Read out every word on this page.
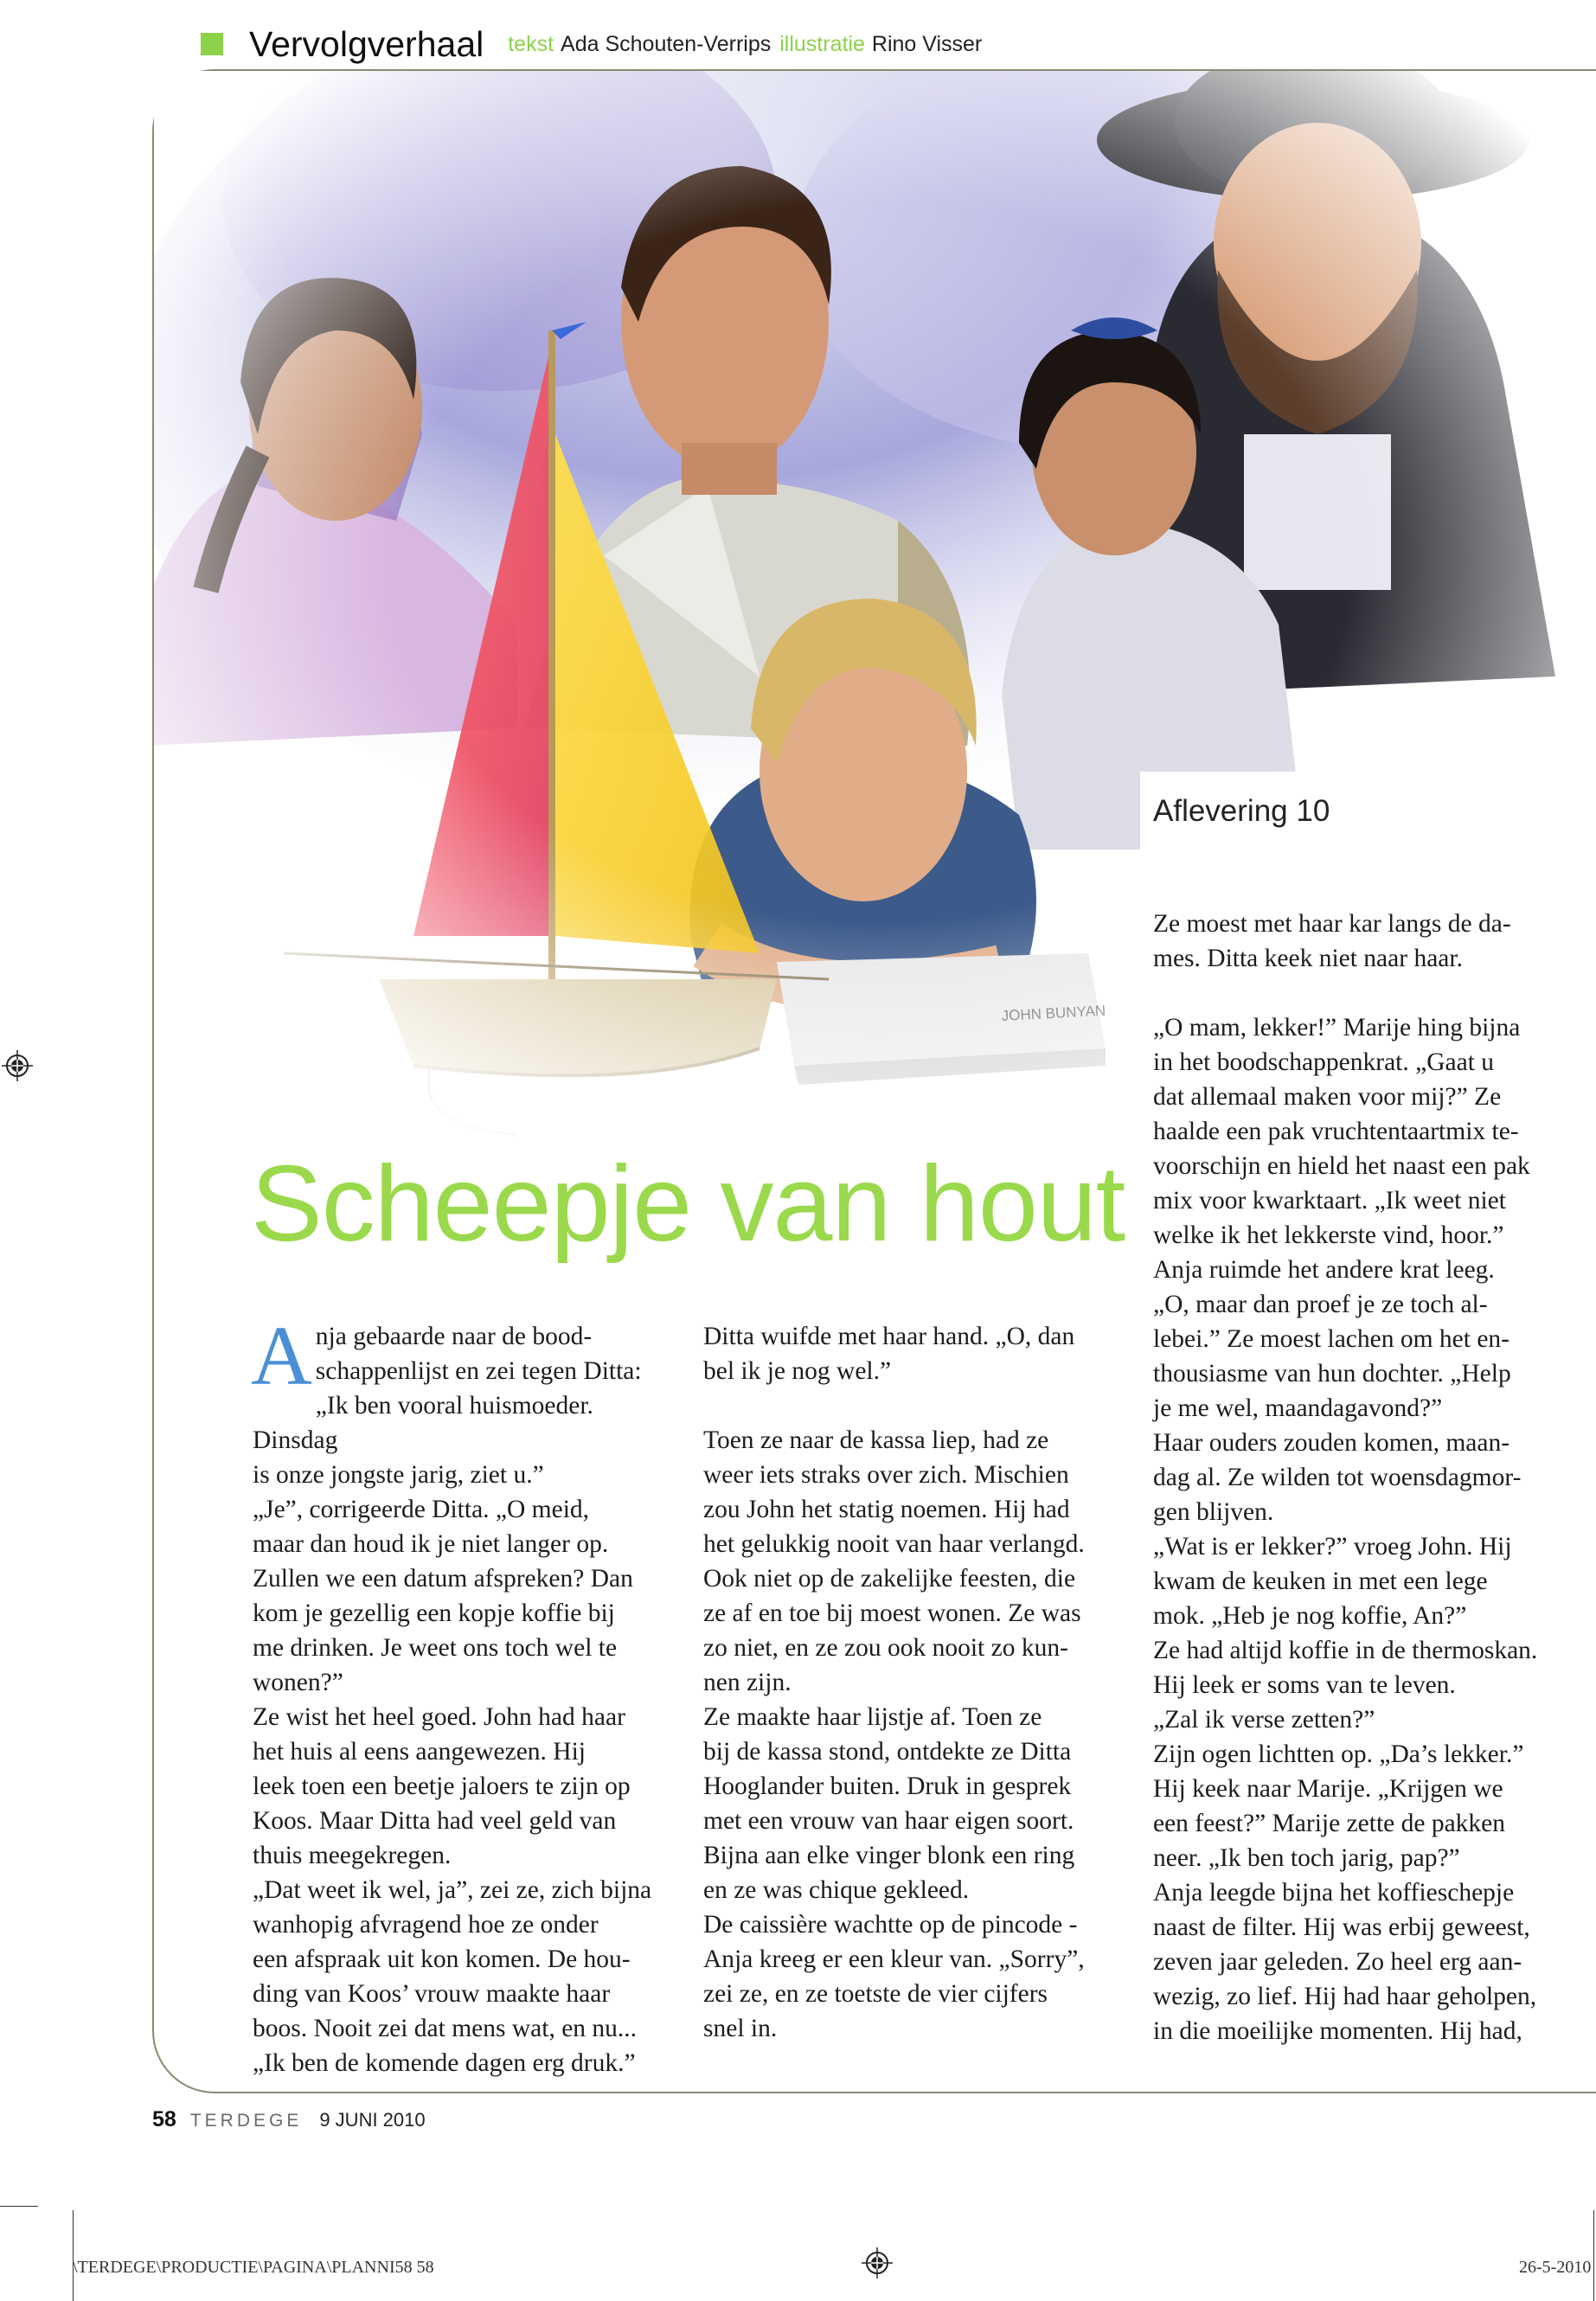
Vervolgverhaal tekst Ada Schouten-Verrips illustratie Rino Visser
Aflevering 10
Scheepje van hout
A nja gebaarde naar de bood-

schappenlijst en zei tegen Ditta:

„Ik ben vooral huismoeder. Dinsdag

is onze jongste jarig, ziet u.”

„Je”, corrigeerde Ditta. „O meid,

maar dan houd ik je niet langer op.

Zullen we een datum afspreken? Dan

kom je gezellig een kopje koffie bij

me drinken. Je weet ons toch wel te

wonen?”

Ze wist het heel goed. John had haar

het huis al eens aangewezen. Hij

leek toen een beetje jaloers te zijn op

Koos. Maar Ditta had veel geld van

thuis meegekregen.

„Dat weet ik wel, ja”, zei ze, zich bijna

wanhopig afvragend hoe ze onder

een afspraak uit kon komen. De hou-

ding van Koos’ vrouw maakte haar

boos. Nooit zei dat mens wat, en nu...

„Ik ben de komende dagen erg druk.”

Ditta wuifde met haar hand. „O, dan

bel ik je nog wel.”

Toen ze naar de kassa liep, had ze

weer iets straks over zich. Mischien

zou John het statig noemen. Hij had

het gelukkig nooit van haar verlangd.

Ook niet op de zakelijke feesten, die

ze af en toe bij moest wonen. Ze was

zo niet, en ze zou ook nooit zo kun-

nen zijn.

Ze maakte haar lijstje af. Toen ze

bij de kassa stond, ontdekte ze Ditta

Hooglander buiten. Druk in gesprek

met een vrouw van haar eigen soort.

Bijna aan elke vinger blonk een ring

en ze was chique gekleed.

De caissière wachtte op de pincode -

Anja kreeg er een kleur van. „Sorry”,

zei ze, en ze toetste de vier cijfers

snel in.

Ze moest met haar kar langs de da-

mes. Ditta keek niet naar haar.

„O mam, lekker!” Marije hing bijna

in het boodschappenkrat. „Gaat u

dat allemaal maken voor mij?” Ze

haalde een pak vruchtentaartmix te-

voorschijn en hield het naast een pak

mix voor kwarktaart. „Ik weet niet

welke ik het lekkerste vind, hoor.”

Anja ruimde het andere krat leeg.

„O, maar dan proef je ze toch al-

lebei.” Ze moest lachen om het en-

thousiasme van hun dochter. „Help

je me wel, maandagavond?”

Haar ouders zouden komen, maan-

dag al. Ze wilden tot woensdagmor-

gen blijven.

„Wat is er lekker?” vroeg John. Hij

kwam de keuken in met een lege

mok. „Heb je nog koffie, An?”

Ze had altijd koffie in de thermoskan.

Hij leek er soms van te leven.

„Zal ik verse zetten?”

Zijn ogen lichtten op. „Da’s lekker.”

Hij keek naar Marije. „Krijgen we

een feest?” Marije zette de pakken

neer. „Ik ben toch jarig, pap?”

Anja leegde bijna het koffieschepje

naast de filter. Hij was erbij geweest,

zeven jaar geleden. Zo heel erg aan-

wezig, zo lief. Hij had haar geholpen,

in die moeilijke momenten. Hij had,

58 TERDEGE 9 JUNI 2010
\TERDEGE\PRODUCTIE\PAGINA\PLANNI58 58	26-5-2010
